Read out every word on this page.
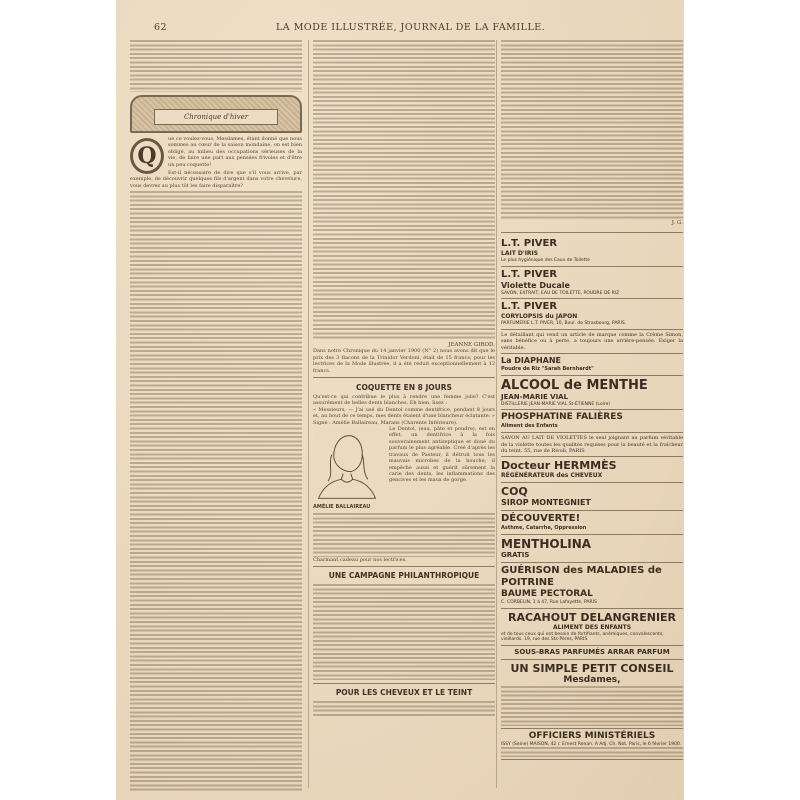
62	LA MODE ILLUSTRÉE, JOURNAL DE LA FAMILLE.
Chronique d'hiver
Q
ue ce voulez-vous, Mesdames, étant donné que nous sommes au cœur de la saison mondaine, on est bien obligé, au milieu des occupations sérieuses de la vie, de faire une part aux pensées frivoles et d'être un peu coquette!
Est-il nécessaire de dire que s'il vous arrive, par exemple, de découvrir quelques fils d'argent dans votre chevelure, vous devrez au plus tôt les faire disparaître?
JEANNE GIROD.
Dans notre Chronique du 14 janvier 1900 (N° 2) nous avons dit que le prix des 3 flacons de la Trinidor Verdoni, était de 15 francs; pour les lectrices de la Mode illustrée, il a été réduit exceptionnellement à 12 francs.
COQUETTE EN 8 JOURS
Qu'est-ce qui contribue le plus à rendre une femme jolie? C'est assurément de belles dents blanches. Eh bien, lisez :
« Messieurs, — J'ai usé du Dentol comme dentifrice, pendant 8 jours et, au bout de ce temps, mes dents étaient d'une blancheur éclatante. »
Signé : Amélie Ballaireau, Marans (Charente Inférieure).
AMÉLIE BALLAIREAU
Le Dentol, (eau, pâte et poudre), est en effet, un dentifrice à la fois souverainement antiseptique et doué du parfum le plus agréable. Créé d'après les travaux de Pasteur, il détruit tous les mauvais microbes de la bouche; il empêche aussi et guérit sûrement la carie des dents, les inflammations des gencives et les maux de gorge.
Charmant cadeau pour nos lectrices.
UNE CAMPAGNE PHILANTHROPIQUE
POUR LES CHEVEUX ET LE TEINT
J. G.
L.T. PIVER
LAIT D'IRIS
Le plus hygiénique des Eaux de Toilette
L.T. PIVER
Violette Ducale
SAVON, EXTRAIT, EAU DE TOILETTE, POUDRE DE RIZ
L.T. PIVER
CORYLOPSIS du JAPON
PARFUMERIE L.T. PIVER, 10, Boul. de Strasbourg, PARIS.
Le détaillant qui vend un article de marque comme la Crème Simon, sans bénéfice ou à perte, a toujours une arrière-pensée. Exiger la véritable.
La DIAPHANE
Poudre de Riz "Sarah Bernhardt"
ALCOOL de MENTHE
JEAN-MARIE VIAL
DISTILLERIE JEAN-MARIE VIAL St-ÉTIENNE (Loire)
PHOSPHATINE FALIÈRES
Aliment des Enfants
SAVON AU LAIT DE VIOLETTES le seul joignant au parfum véritable de la violette toutes les qualités requises pour la beauté et la fraîcheur du teint. 55, rue de Rivoli, PARIS
Docteur HERMMÈS
RÉGÉNÉRATEUR des CHEVEUX
COQ
SIROP MONTEGNIET
DÉCOUVERTE!
Asthme, Catarrhe, Oppression
MENTHOLINA
GRATIS
GUÉRISON des MALADIES de POITRINE
BAUME PECTORAL
C. CORBELIN, 1 à 47, Rue Lafayette, PARIS
RACAHOUT DELANGRENIER
ALIMENT DES ENFANTS
et de tous ceux qui ont besoin de fortifiants, anémiques, convalescents, vieillards. 19, rue des Sts-Pères, PARIS
SOUS-BRAS PARFUMÉS ARRAR PARFUM
UN SIMPLE PETIT CONSEIL
Mesdames,
OFFICIERS MINISTÉRIELS
ISSY (Seine) MAISON, 42 r. Ernest Renan. A Adj. Ch. Not. Paris, le 6 février 1900.
